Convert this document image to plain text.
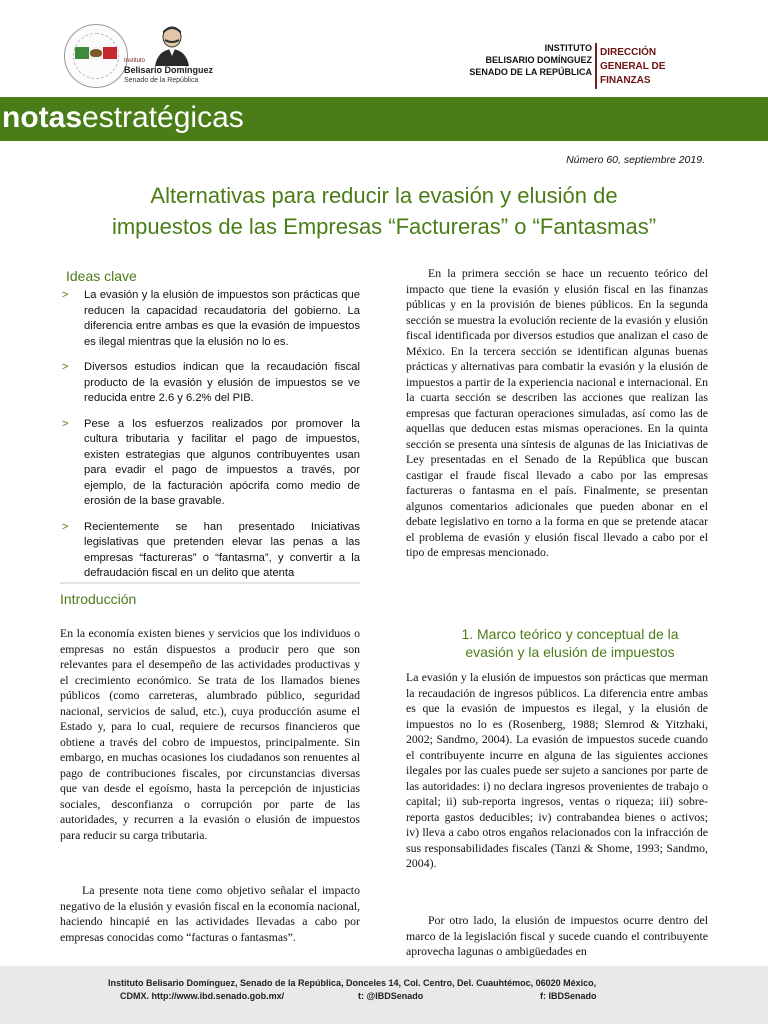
Instituto
Belisario Domínguez
Senado de la República
INSTITUTO
BELISARIO DOMÍNGUEZ
SENADO DE LA REPÚBLICA
DIRECCIÓN
GENERAL DE
FINANZAS
notasestratégicas
Número 60, septiembre 2019.
Alternativas para reducir la evasión y elusión de
impuestos de las Empresas “Factureras” o “Fantasmas”
Ideas clave
> La evasión y la elusión de impuestos son prácticas que reducen la capacidad recaudatoria del gobierno. La diferencia entre ambas es que la evasión de impuestos es ilegal mientras que la elusión no lo es.
> Diversos estudios indican que la recaudación fiscal producto de la evasión y elusión de impuestos se ve reducida entre 2.6 y 6.2% del PIB.
> Pese a los esfuerzos realizados por promover la cultura tributaria y facilitar el pago de impuestos, existen estrategias que algunos contribuyentes usan para evadir el pago de impuestos a través, por ejemplo, de la facturación apócrifa como medio de erosión de la base gravable.
> Recientemente se han presentado Iniciativas legislativas que pretenden elevar las penas a las empresas “factureras” o “fantasma”, y convertir a la defraudación fiscal en un delito que atenta
Introducción

En la economía existen bienes y servicios que los individuos o empresas no están dispuestos a producir pero que son relevantes para el desempeño de las actividades productivas y el crecimiento económico. Se trata de los llamados bienes públicos (como carreteras, alumbrado público, seguridad nacional, servicios de salud, etc.), cuya producción asume el Estado y, para lo cual, requiere de recursos financieros que obtiene a través del cobro de impuestos, principalmente. Sin embargo, en muchas ocasiones los ciudadanos son renuentes al pago de contribuciones fiscales, por circunstancias diversas que van desde el egoísmo, hasta la percepción de injusticias sociales, desconfianza o corrupción por parte de las autoridades, y recurren a la evasión o elusión de impuestos para reducir su carga tributaria.

La presente nota tiene como objetivo señalar el impacto negativo de la elusión y evasión fiscal en la economía nacional, haciendo hincapié en las actividades llevadas a cabo por empresas conocidas como “facturas o fantasmas”.

En la primera sección se hace un recuento teórico del impacto que tiene la evasión y elusión fiscal en las finanzas públicas y en la provisión de bienes públicos. En la segunda sección se muestra la evolución reciente de la evasión y elusión fiscal identificada por diversos estudios que analizan el caso de México. En la tercera sección se identifican algunas buenas prácticas y alternativas para combatir la evasión y la elusión de impuestos a partir de la experiencia nacional e internacional. En la cuarta sección se describen las acciones que realizan las empresas que facturan operaciones simuladas, así como las de aquellas que deducen estas mismas operaciones. En la quinta sección se presenta una síntesis de algunas de las Iniciativas de Ley presentadas en el Senado de la República que buscan castigar el fraude fiscal llevado a cabo por las empresas factureras o fantasma en el país. Finalmente, se presentan algunos comentarios adicionales que pueden abonar en el debate legislativo en torno a la forma en que se pretende atacar el problema de evasión y elusión fiscal llevado a cabo por el tipo de empresas mencionado.

1. Marco teórico y conceptual de la
evasión y la elusión de impuestos

La evasión y la elusión de impuestos son prácticas que merman la recaudación de ingresos públicos. La diferencia entre ambas es que la evasión de impuestos es ilegal, y la elusión de impuestos no lo es (Rosenberg, 1988; Slemrod & Yitzhaki, 2002; Sandmo, 2004). La evasión de impuestos sucede cuando el contribuyente incurre en alguna de las siguientes acciones ilegales por las cuales puede ser sujeto a sanciones por parte de las autoridades: i) no declara ingresos provenientes de trabajo o capital; ii) sub-reporta ingresos, ventas o riqueza; iii) sobre-reporta gastos deducibles; iv) contrabandea bienes o activos; iv) lleva a cabo otros engaños relacionados con la infracción de sus responsabilidades fiscales (Tanzi & Shome, 1993; Sandmo, 2004).

Por otro lado, la elusión de impuestos ocurre dentro del marco de la legislación fiscal y sucede cuando el contribuyente aprovecha lagunas o ambigüedades en

Instituto Belisario Domínguez, Senado de la República, Donceles 14, Col. Centro, Del. Cuauhtémoc, 06020 México,
CDMX. http://www.ibd.senado.gob.mx/	t: @IBDSenado	f: IBDSenado
